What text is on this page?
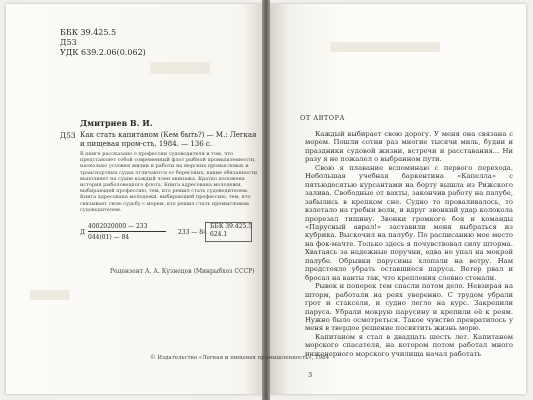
ББК 39.425.5
Д53
УДК 639.2.06(0.062)
Дмитриев В. И.
Д53 Как стать капитаном (Кем быть?) — М.: Легкая и пищевая пром-сть, 1984. — 136 с.
В книге рассказано о профессии судоводителя и том, что представляет собой современный флот рыбной промышленности, насколько условия жизни и работы на морских промысловых и транспортных судах отличаются от береговых, какие обязанности выполняет на судне каждый член экипажа. Кратко изложена история рыболовецкого флота. Книга адресована молодежи, выбирающей профессию, тем, кто решил стать судоводителем. Книга адресована молодежи, выбирающей профессию, тем, кто связывает свою судьбу с морем, кто решил стать промысловым судоводителем.
Д
4002020000 — 233
044(01) — 84
233 — 84
ББК 39.425.5
624.1
Рецензент А. А. Кузнецов (Минрыбхоз СССР)
© Издательство «Легкая и пищевая промышленность», 1984
ОТ АВТОРА

Каждый выбирает свою дорогу. У меня она связана с морем. Пошли сотни раз многие тысячи миль, будни и праздники судовой жизни, встречи и расставания... Ни разу я не пожалел о выбранном пути.

Свою я плавание вспоминаю с первого перехода. Небольшая учебная баркентина «Капелла» с пятьюдесятью курсантами на борту вышла из Рижского залива. Свободные от вахты, закончив работу на палубе, забылись в крепком сне. Судно то проваливалось, то взлетало на гребни волн, и вдруг звонкий удар колокола прорезал тишину. Звонки громкого боя и команды «Парусный аврал!» заставили меня выбраться из кубрика. Выскочил на палубу. По расписанию мое место на фок-мачте. Только здесь я почувствовал силу шторма. Хватаясь за надежные поручни, едва не упал на мокрой палубе. Обрывки парусины хлопали на ветру. Нам предстояло убрать оставшиеся паруса. Ветер рвал и бросал на ванты так, что крепления словно стонали.

Рывок и поперек тем спасли потом дело. Невзирая на шторм, работали на реях уверенно. С трудом убрали грот и стаксели, и судно легло на курс. Закрепили паруса. Убрали мокрую парусину и крепили её к реям. Нужно было осмотреться. Такое чувство превратилось у меня в твердое решение посвятить жизнь морю.

Капитаном я стал в двадцать шесть лет. Капитаном морского спасателя, на котором потом работал много инженерного морского училища начал работать

3
